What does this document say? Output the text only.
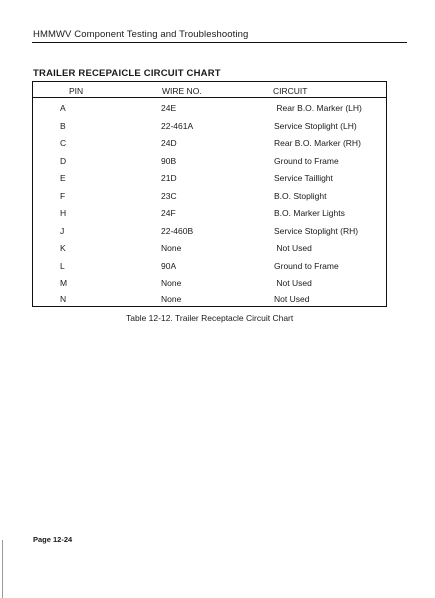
HMMWV Component Testing and Troubleshooting
TRAILER RECEPAICLE CIRCUIT CHART
PIN	WIRE NO.	CIRCUIT
A	24E	Rear B.O. Marker (LH)
B	22-461A	Service Stoplight (LH)
C	24D	Rear B.O. Marker (RH)
D	90B	Ground to Frame
E	21D	Service Taillight
F	23C	B.O. Stoplight
H	24F	B.O. Marker Lights
J	22-460B	Service Stoplight (RH)
K	None	Not Used
L	90A	Ground to Frame
M	None	Not Used
N	None	Not Used
Table 12-12. Trailer Receptacle Circuit Chart
Page 12-24
